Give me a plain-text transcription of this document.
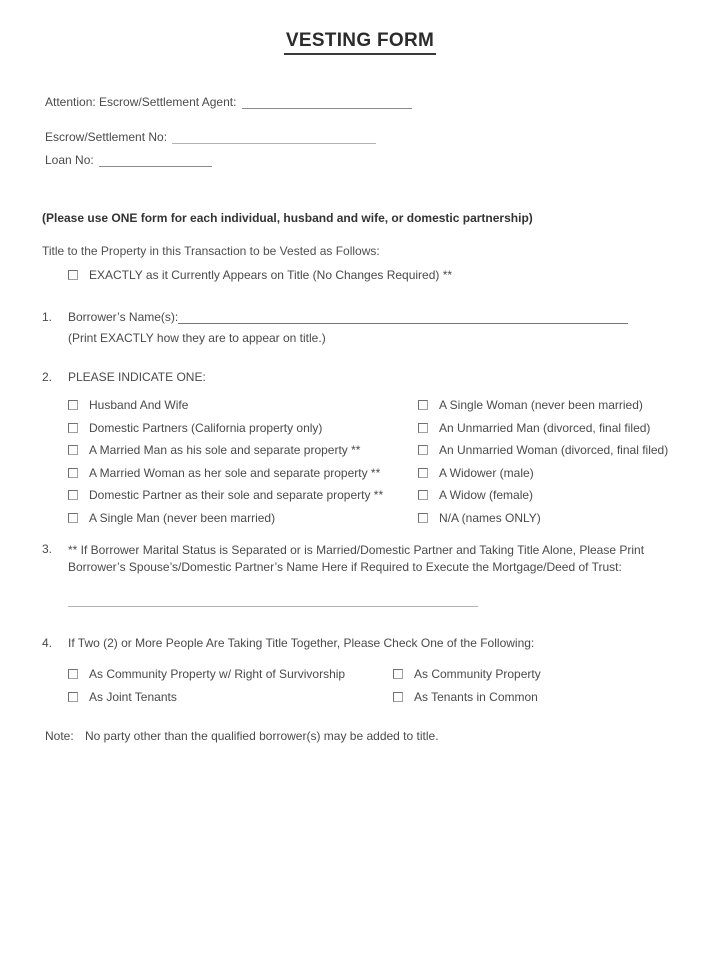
VESTING FORM
Attention: Escrow/Settlement Agent:
Escrow/Settlement No:
Loan No:
(Please use ONE form for each individual, husband and wife, or domestic partnership)
Title to the Property in this Transaction to be Vested as Follows:
EXACTLY as it Currently Appears on Title (No Changes Required) **
1.	Borrower’s Name(s):
(Print EXACTLY how they are to appear on title.)
2.	PLEASE INDICATE ONE:
Husband And Wife	A Single Woman (never been married)
Domestic Partners (California property only)	An Unmarried Man (divorced, final filed)
A Married Man as his sole and separate property **	An Unmarried Woman (divorced, final filed)
A Married Woman as her sole and separate property **	A Widower (male)
Domestic Partner as their sole and separate property **	A Widow (female)
A Single Man (never been married)	N/A (names ONLY)
3.	** If Borrower Marital Status is Separated or is Married/Domestic Partner and Taking Title Alone, Please Print Borrower’s Spouse’s/Domestic Partner’s Name Here if Required to Execute the Mortgage/Deed of Trust:
4.	If Two (2) or More People Are Taking Title Together, Please Check One of the Following:
As Community Property w/ Right of Survivorship	As Community Property
As Joint Tenants	As Tenants in Common
Note: No party other than the qualified borrower(s) may be added to title.
